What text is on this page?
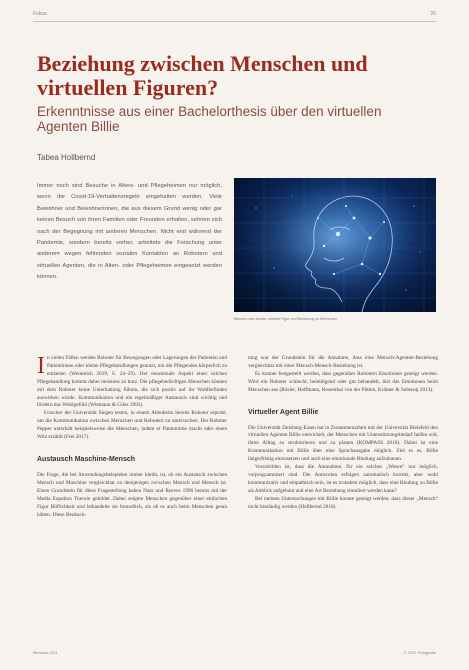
Fokus	26
Beziehung zwischen Menschen und virtuellen Figuren?
Erkenntnisse aus einer Bachelorthesis über den virtuellen Agenten Billie
Tabea Hollbernd

Immer noch sind Besuche in Alters- und Pflegeheimen nur möglich, wenn die Covid-19-Verhaltensregeln eingehalten werden. Viele Bewohner und Bewohnerinnen, die aus diesem Grund wenig oder gar keinen Besuch von ihren Familien oder Freunden erhalten, sehnen sich nach der Begegnung mit anderen Menschen. Nicht erst während der Pandemie, sondern bereits vorher, arbeitete die Forschung unter anderem wegen fehlenden sozialen Kontakten an Robotern und virtuellen Agenten, die in Alten- oder Pflegeheimen eingesetzt werden können.

Mensch oder Avatar: virtuelle Figur und Beziehung zu Menschen

In vielen Fällen werden Roboter für Bewegungen oder Lagerungen der Patienten und Patientinnen oder kleine Pflegehandlungen genutzt, um die Pflegenden körperlich zu entlasten (Weinreich 2019, S. 24–29). Der emotionale Aspekt einer solchen Pflegehandlung kommt dabei meistens zu kurz. Die pflegebedürftigen Menschen können mit dem Roboter keine Unterhaltung führen, die sich positiv auf ihr Wohlbefinden auswirken würde. Kommunikation und ein regelmäßiger Austausch sind wichtig und fördern das Wohlgefühl (Wiemann & Giles 1993).

Forscher der Universität Siegen testen, in einem Altenheim bereits Roboter erprobt, um die Kommunikation zwischen Menschen und Robotern zu untersuchen. Der Roboter Pepper unterhält beispielsweise die Menschen, indem er Pantomime macht oder einen Witz erzählt (Frei 2017).

Austausch Maschine-Mensch

Die Frage, die bei Anwendungsbeispielen immer bleibt, ist, ob ein Austausch zwischen Mensch und Maschine vergleichbar zu demjenigen zwischen Mensch und Mensch ist. Einen Grundstein für diese Fragestellung haben Nass und Reeves 1996 bereits mit der Media Equation Theorie gebildet. Dabei zeigten Menschen gegenüber einer einfachen Figur Höflichkeit und behandelte sie freundlich, als ob es auch beim Menschen getan hätten. Diese Beobach-

tung war der Grundstein für die Annahme, dass eine Mensch-Agenten-Beziehung vergleichbar mit einer Mensch-Mensch-Beziehung ist.

Es konnte festgestellt werden, dass gegenüber Robotern Emotionen gezeigt werden. Wird ein Roboter schlecht, beleidigend oder gut behandelt, löst das Emotionen beim Menschen aus (Rösler, Hoffmann, Rosenthal von der Pütten, Krämer & Sobieraj 2013).

Virtueller Agent Billie

Die Universität Duisburg-Essen hat in Zusammenarbeit mit der Universität Bielefeld den virtuellen Agenten Billie entwickelt, der Menschen mit Unterstützungsbedarf helfen soll, ihren Alltag zu strukturieren und zu planen (KOMPASS 2016). Dabei ist eine Kommunikation mit Billie über eine Sprachausgabe möglich. Ziel es es, Billie längerfristig einzusetzen und auch eine emotionale Bindung aufzubauen.

Vorzubilden ist, dass die Annnahme, für ein solches „Wesen“ nur möglich, vorprogrammiert sind. Die Antworten erfolgen automatisch korrekt, aber wohl kommunizativ und empathisch sein, ist es trotzdem möglich, dass eine Bindung zu Billie als Anblick aufgebaut und eine Art Beziehung simuliert werden kann?

Bei meinen Untersuchungen mit Billie konnte gezeigt werden, dass dieser „Mensch“ nicht beständig werden (Hollbernd 2018).

fifthwave 2/21	© 2021 Fotografie
